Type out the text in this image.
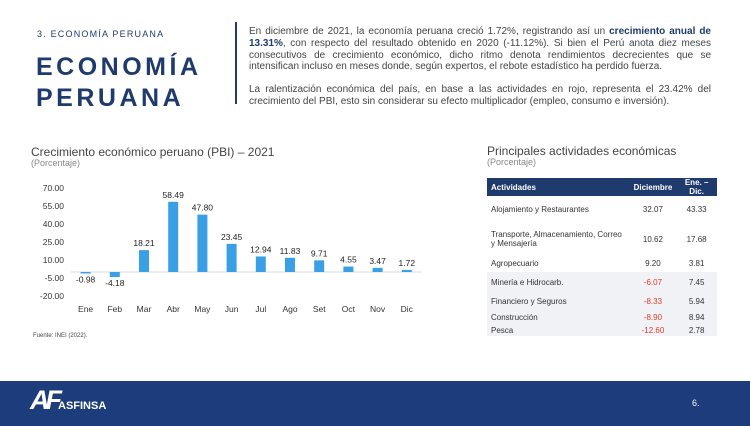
3. ECONOMÍA PERUANA
ECONOMÍA
PERUANA

En diciembre de 2021, la economía peruana creció 1.72%, registrando así un crecimiento anual de 13.31%, con respecto del resultado obtenido en 2020 (-11.12%). Si bien el Perú anota diez meses consecutivos de crecimiento económico, dicho ritmo denota rendimientos decrecientes que se intensifican incluso en meses donde, según expertos, el rebote estadístico ha perdido fuerza.

La ralentización económica del país, en base a las actividades en rojo, representa el 23.42% del crecimiento del PBI, esto sin considerar su efecto multiplicador (empleo, consumo e inversión).

Crecimiento económico peruano (PBI) – 2021
(Porcentaje)
70.00
55.00
40.00
25.00
10.00
-5.00
-20.00
-0.98
Ene
-4.18
Feb
18.21
Mar
58.49
Abr
47.80
May
23.45
Jun
12.94
Jul
11.83
Ago
9.71
Set
4.55
Oct
3.47
Nov
1.72
Dic
Fuente: INEI (2022).
Principales actividades económicas
(Porcentaje)
Actividades	Diciembre	Ene. – Dic.
Alojamiento y Restaurantes	32.07	43.33
Transporte, Almacenamiento, Correo y Mensajería	10.62	17.68
Agropecuario	9.20	3.81
Minería e Hidrocarb.	-6.07	7.45
Financiero y Seguros	-8.33	5.94
Construcción	-8.90	8.94
Pesca	-12.60	2.78
AF ASFINSA	6.
